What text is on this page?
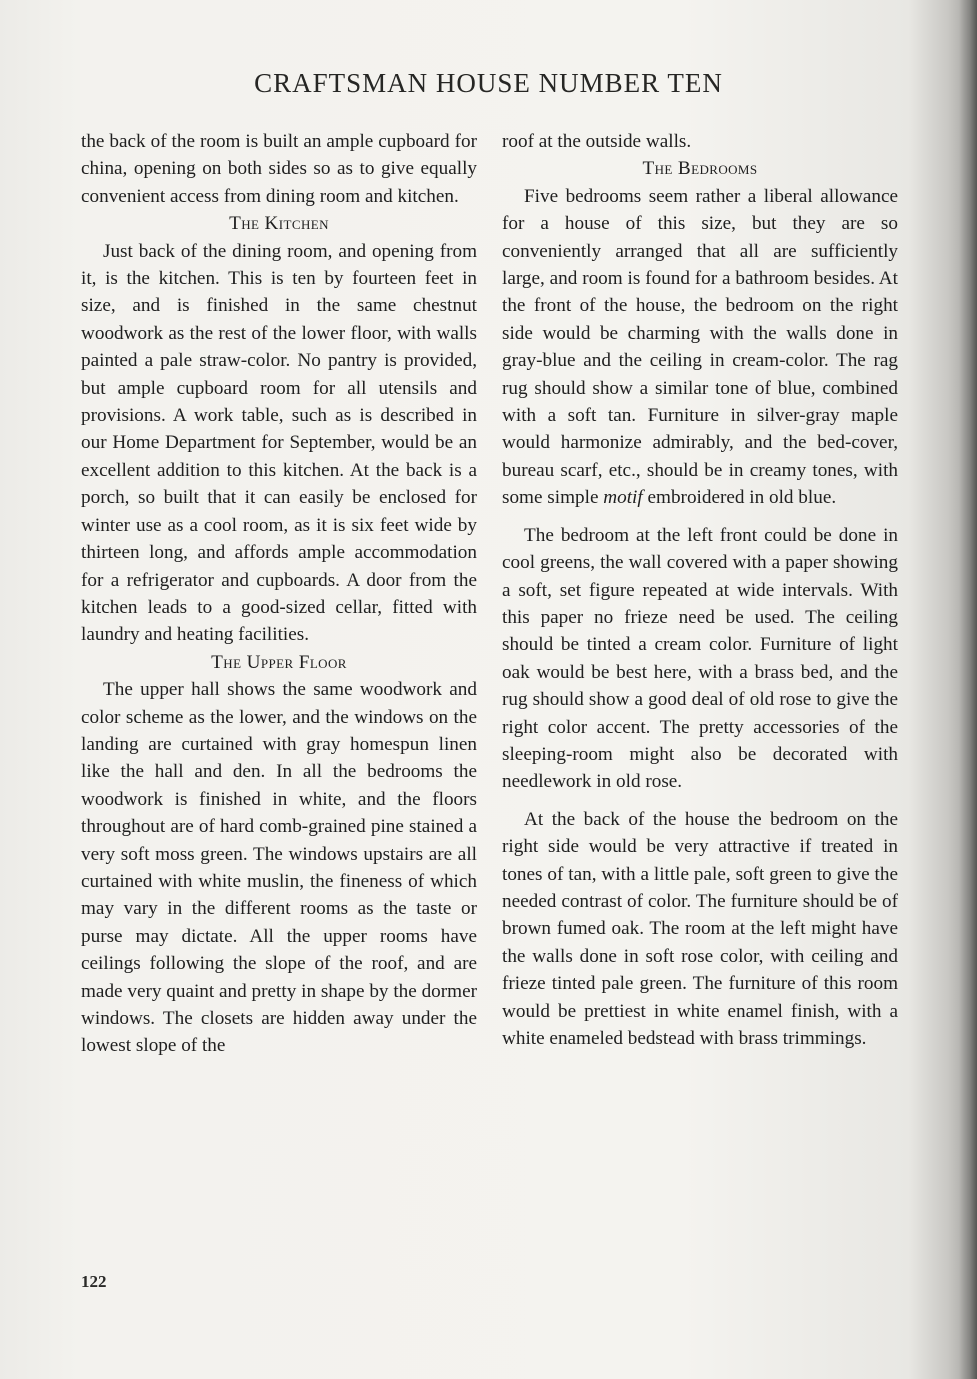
CRAFTSMAN HOUSE NUMBER TEN

the back of the room is built an ample cupboard for china, opening on both sides so as to give equally convenient access from dining room and kitchen.

The Kitchen

Just back of the dining room, and opening from it, is the kitchen. This is ten by fourteen feet in size, and is finished in the same chestnut woodwork as the rest of the lower floor, with walls painted a pale straw-color. No pantry is provided, but ample cupboard room for all utensils and provisions. A work table, such as is described in our Home Department for September, would be an excellent addition to this kitchen. At the back is a porch, so built that it can easily be enclosed for winter use as a cool room, as it is six feet wide by thirteen long, and affords ample accommodation for a refrigerator and cupboards. A door from the kitchen leads to a good-sized cellar, fitted with laundry and heating facilities.

The Upper Floor

The upper hall shows the same woodwork and color scheme as the lower, and the windows on the landing are curtained with gray homespun linen like the hall and den. In all the bedrooms the woodwork is finished in white, and the floors throughout are of hard comb-grained pine stained a very soft moss green. The windows upstairs are all curtained with white muslin, the fineness of which may vary in the different rooms as the taste or purse may dictate. All the upper rooms have ceilings following the slope of the roof, and are made very quaint and pretty in shape by the dormer windows. The closets are hidden away under the lowest slope of the

roof at the outside walls.

The Bedrooms

Five bedrooms seem rather a liberal allowance for a house of this size, but they are so conveniently arranged that all are sufficiently large, and room is found for a bathroom besides. At the front of the house, the bedroom on the right side would be charming with the walls done in gray-blue and the ceiling in cream-color. The rag rug should show a similar tone of blue, combined with a soft tan. Furniture in silver-gray maple would harmonize admirably, and the bed-cover, bureau scarf, etc., should be in creamy tones, with some simple motif embroidered in old blue.

The bedroom at the left front could be done in cool greens, the wall covered with a paper showing a soft, set figure repeated at wide intervals. With this paper no frieze need be used. The ceiling should be tinted a cream color. Furniture of light oak would be best here, with a brass bed, and the rug should show a good deal of old rose to give the right color accent. The pretty accessories of the sleeping-room might also be decorated with needlework in old rose.

At the back of the house the bedroom on the right side would be very attractive if treated in tones of tan, with a little pale, soft green to give the needed contrast of color. The furniture should be of brown fumed oak. The room at the left might have the walls done in soft rose color, with ceiling and frieze tinted pale green. The furniture of this room would be prettiest in white enamel finish, with a white enameled bedstead with brass trimmings.

122
